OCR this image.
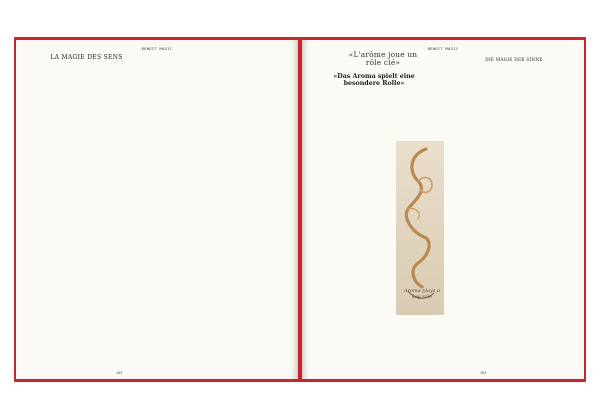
BENOIT MAGIC
LA MAGIE DES SENS

103
BENOIT MAGIC

«L'arôme joue un rôle clé»
«Das Aroma spielt eine besondere Rolle»

Aroma plays a key role

DIE MAGIE DER SINNE

103
